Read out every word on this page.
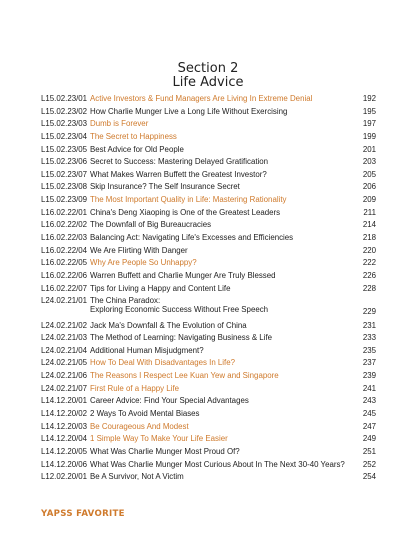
Section 2
Life Advice
L15.02.23/01 Active Investors & Fund Managers Are Living In Extreme Denial	192
L15.02.23/02 How Charlie Munger Live a Long Life Without Exercising	195
L15.02.23/03 Dumb is Forever	197
L15.02.23/04 The Secret to Happiness	199
L15.02.23/05 Best Advice for Old People	201
L15.02.23/06 Secret to Success: Mastering Delayed Gratification	203
L15.02.23/07 What Makes Warren Buffett the Greatest Investor?	205
L15.02.23/08 Skip Insurance? The Self Insurance Secret	206
L15.02.23/09 The Most Important Quality in Life: Mastering Rationality	209
L16.02.22/01 China's Deng Xiaoping is One of the Greatest Leaders	211
L16.02.22/02 The Downfall of Big Bureaucracies	214
L16.02.22/03 Balancing Act: Navigating Life's Excesses and Efficiencies	218
L16.02.22/04 We Are Flirting With Danger	220
L16.02.22/05 Why Are People So Unhappy?	222
L16.02.22/06 Warren Buffett and Charlie Munger Are Truly Blessed	226
L16.02.22/07 Tips for Living a Happy and Content Life	228
L24.02.21/01 The China Paradox:
Exploring Economic Success Without Free Speech	229
L24.02.21/02 Jack Ma's Downfall & The Evolution of China	231
L24.02.21/03 The Method of Learning: Navigating Business & Life	233
L24.02.21/04 Additional Human Misjudgment?	235
L24.02.21/05 How To Deal With Disadvantages In Life?	237
L24.02.21/06 The Reasons I Respect Lee Kuan Yew and Singapore	239
L24.02.21/07 First Rule of a Happy Life	241
L14.12.20/01 Career Advice: Find Your Special Advantages	243
L14.12.20/02 2 Ways To Avoid Mental Biases	245
L14.12.20/03 Be Courageous And Modest	247
L14.12.20/04 1 Simple Way To Make Your Life Easier	249
L14.12.20/05 What Was Charlie Munger Most Proud Of?	251
L14.12.20/06 What Was Charlie Munger Most Curious About In The Next 30-40 Years? 252
L12.02.20/01 Be A Survivor, Not A Victim	254
YAPSS FAVORITE
